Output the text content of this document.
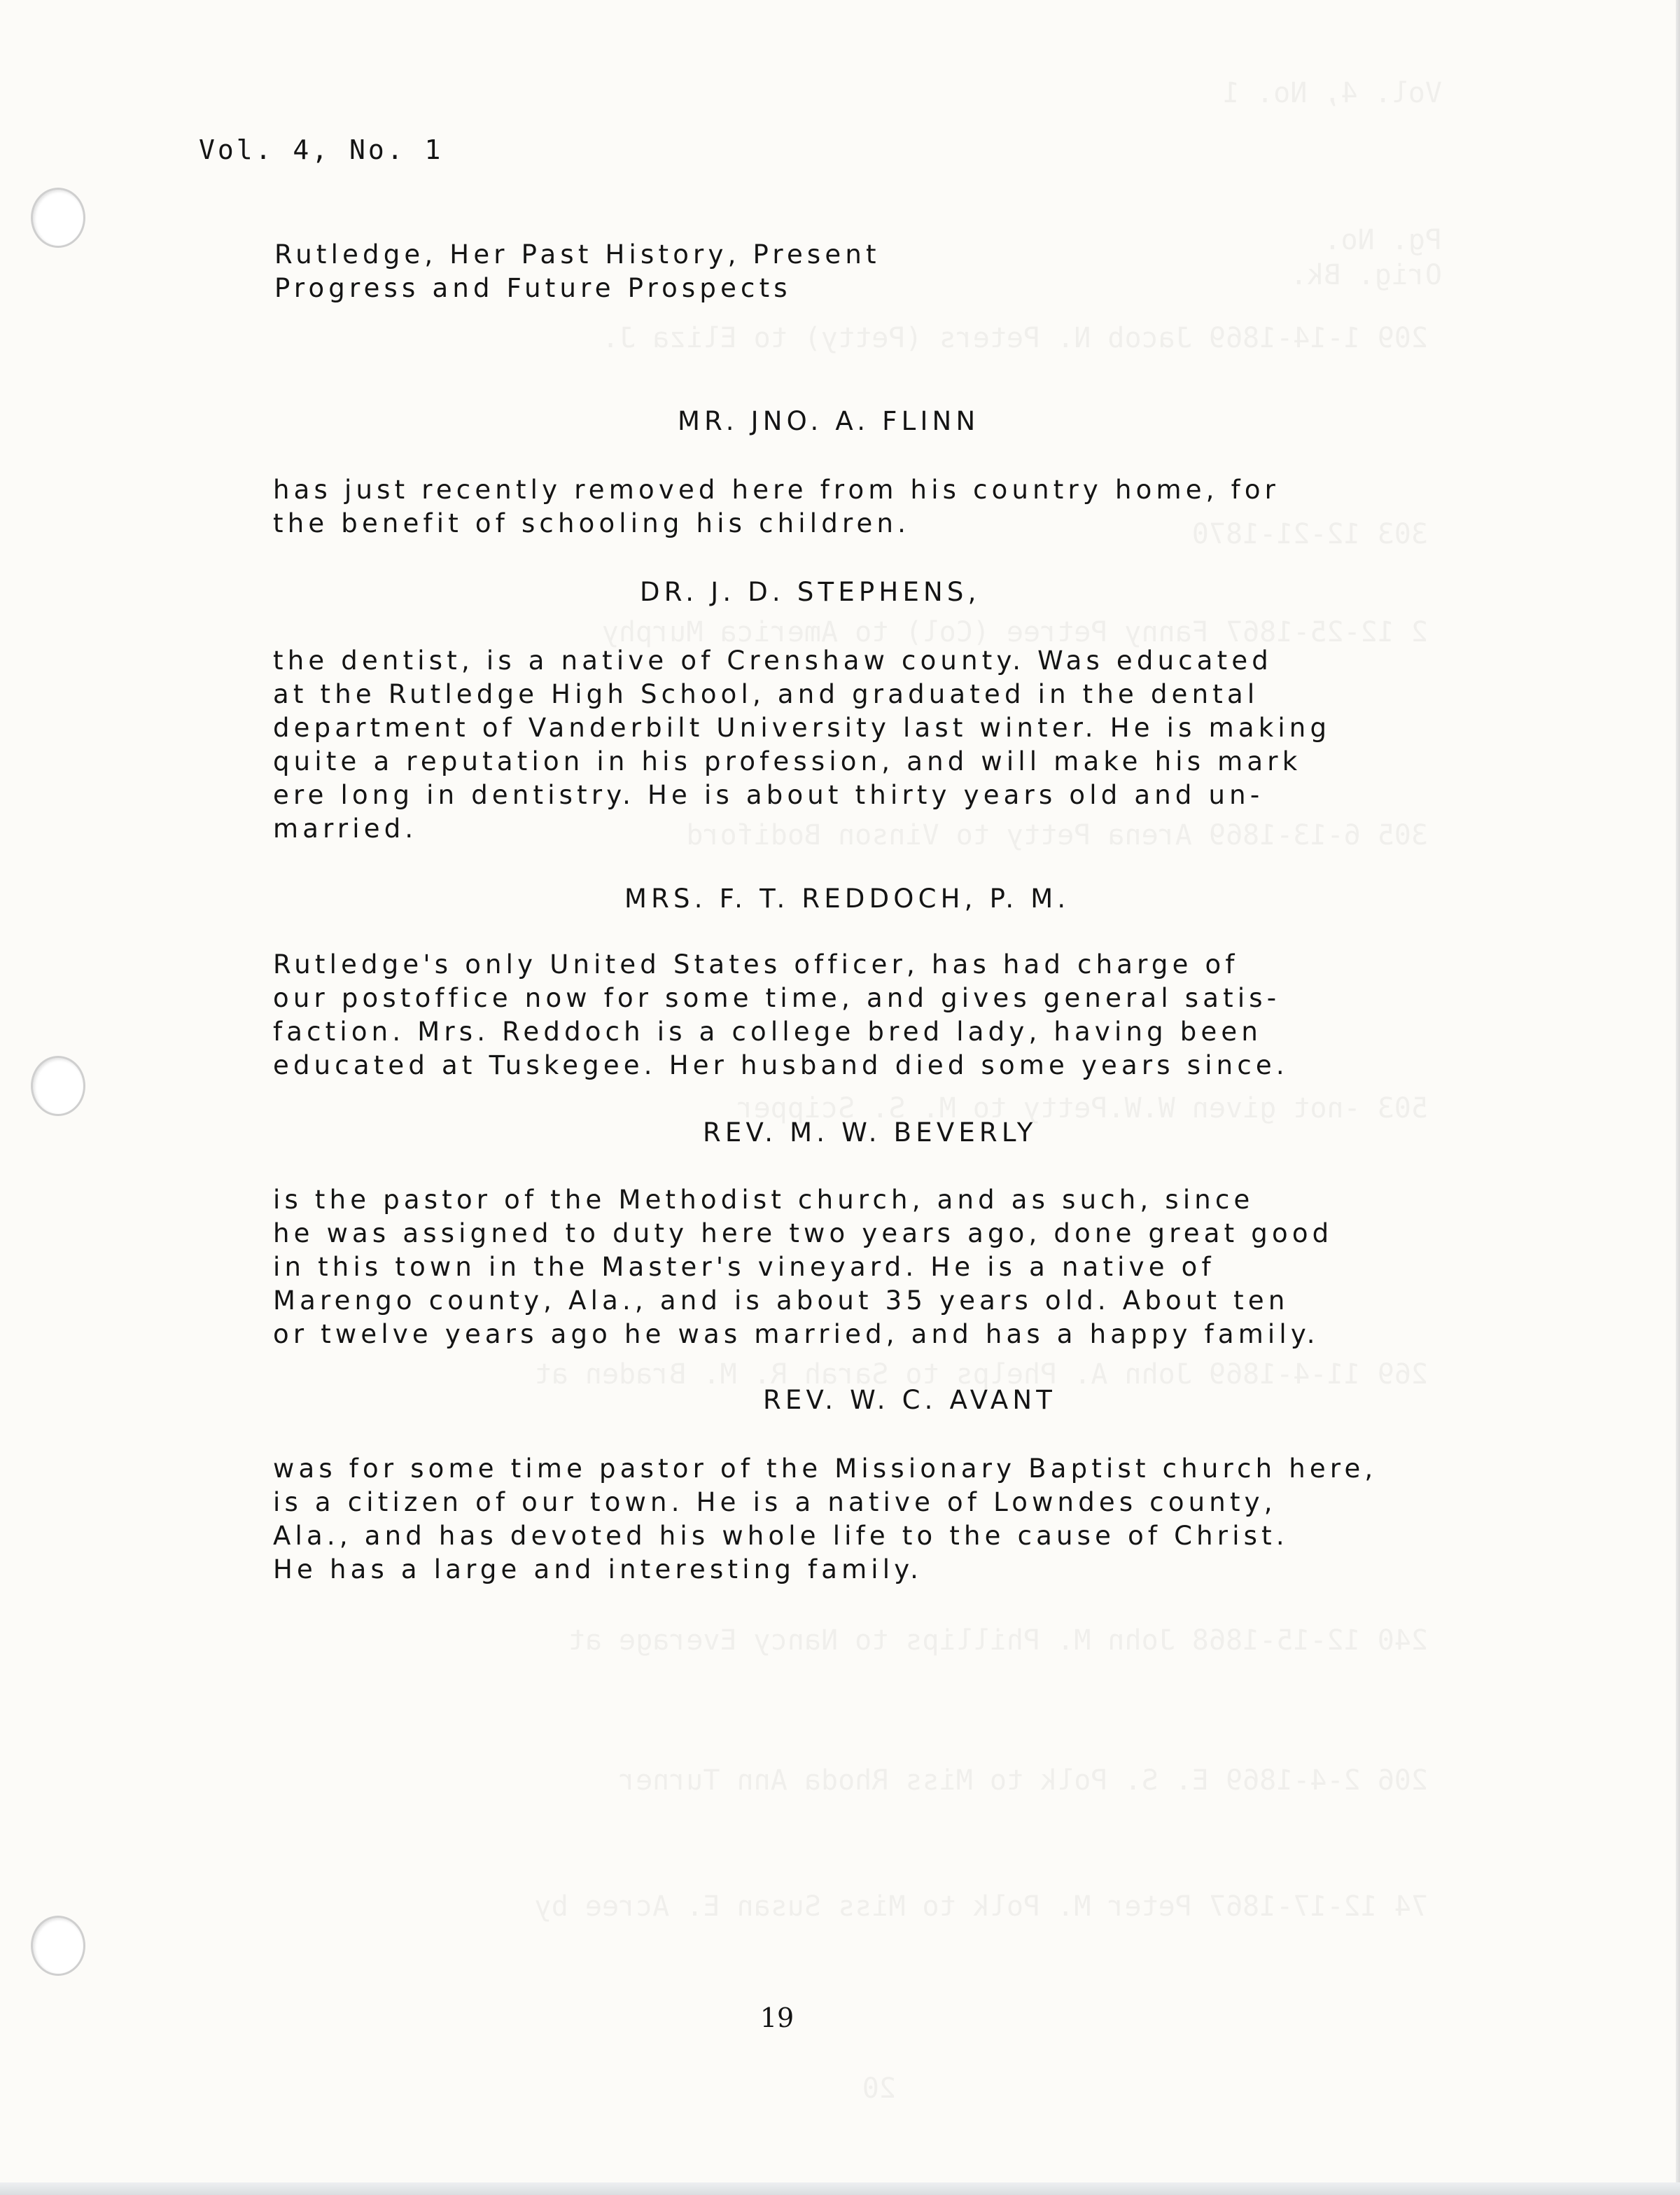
Vol. 4, No. 1
Pg. No.
Orig. Bk.
209 1-14-1869 Jacob N. Peters (Petty) to Eliza J.
303 12-21-1870
2 12-25-1867 Fanny Petree (Col) to America Murphy
305 6-13-1869 Arena Petty to Vinson Bodiford
503 -not given W.W.Petty to M. S. Scipper
269 11-4-1869 John A. Phelps to Sarah R. M. Braden at
240 12-15-1868 John M. Phillips to Nancy Everage at
206 2-4-1869 E. S. Polk to Miss Rhoda Ann Turner
74 12-17-1867 Peter M. Polk to Miss Susan E. Acree by
20
Vol. 4, No. 1
Rutledge, Her Past History, Present
Progress and Future Prospects
MR. JNO. A. FLINN
has just recently removed here from his country home, for
the benefit of schooling his children.
DR. J. D. STEPHENS,
the dentist, is a native of Crenshaw county. Was educated
at the Rutledge High School, and graduated in the dental
department of Vanderbilt University last winter. He is making
quite a reputation in his profession, and will make his mark
ere long in dentistry. He is about thirty years old and un-
married.
MRS. F. T. REDDOCH, P. M.
Rutledge's only United States officer, has had charge of
our postoffice now for some time, and gives general satis-
faction. Mrs. Reddoch is a college bred lady, having been
educated at Tuskegee. Her husband died some years since.
REV. M. W. BEVERLY
is the pastor of the Methodist church, and as such, since
he was assigned to duty here two years ago, done great good
in this town in the Master's vineyard. He is a native of
Marengo county, Ala., and is about 35 years old. About ten
or twelve years ago he was married, and has a happy family.
REV. W. C. AVANT
was for some time pastor of the Missionary Baptist church here,
is a citizen of our town. He is a native of Lowndes county,
Ala., and has devoted his whole life to the cause of Christ.
He has a large and interesting family.
19
